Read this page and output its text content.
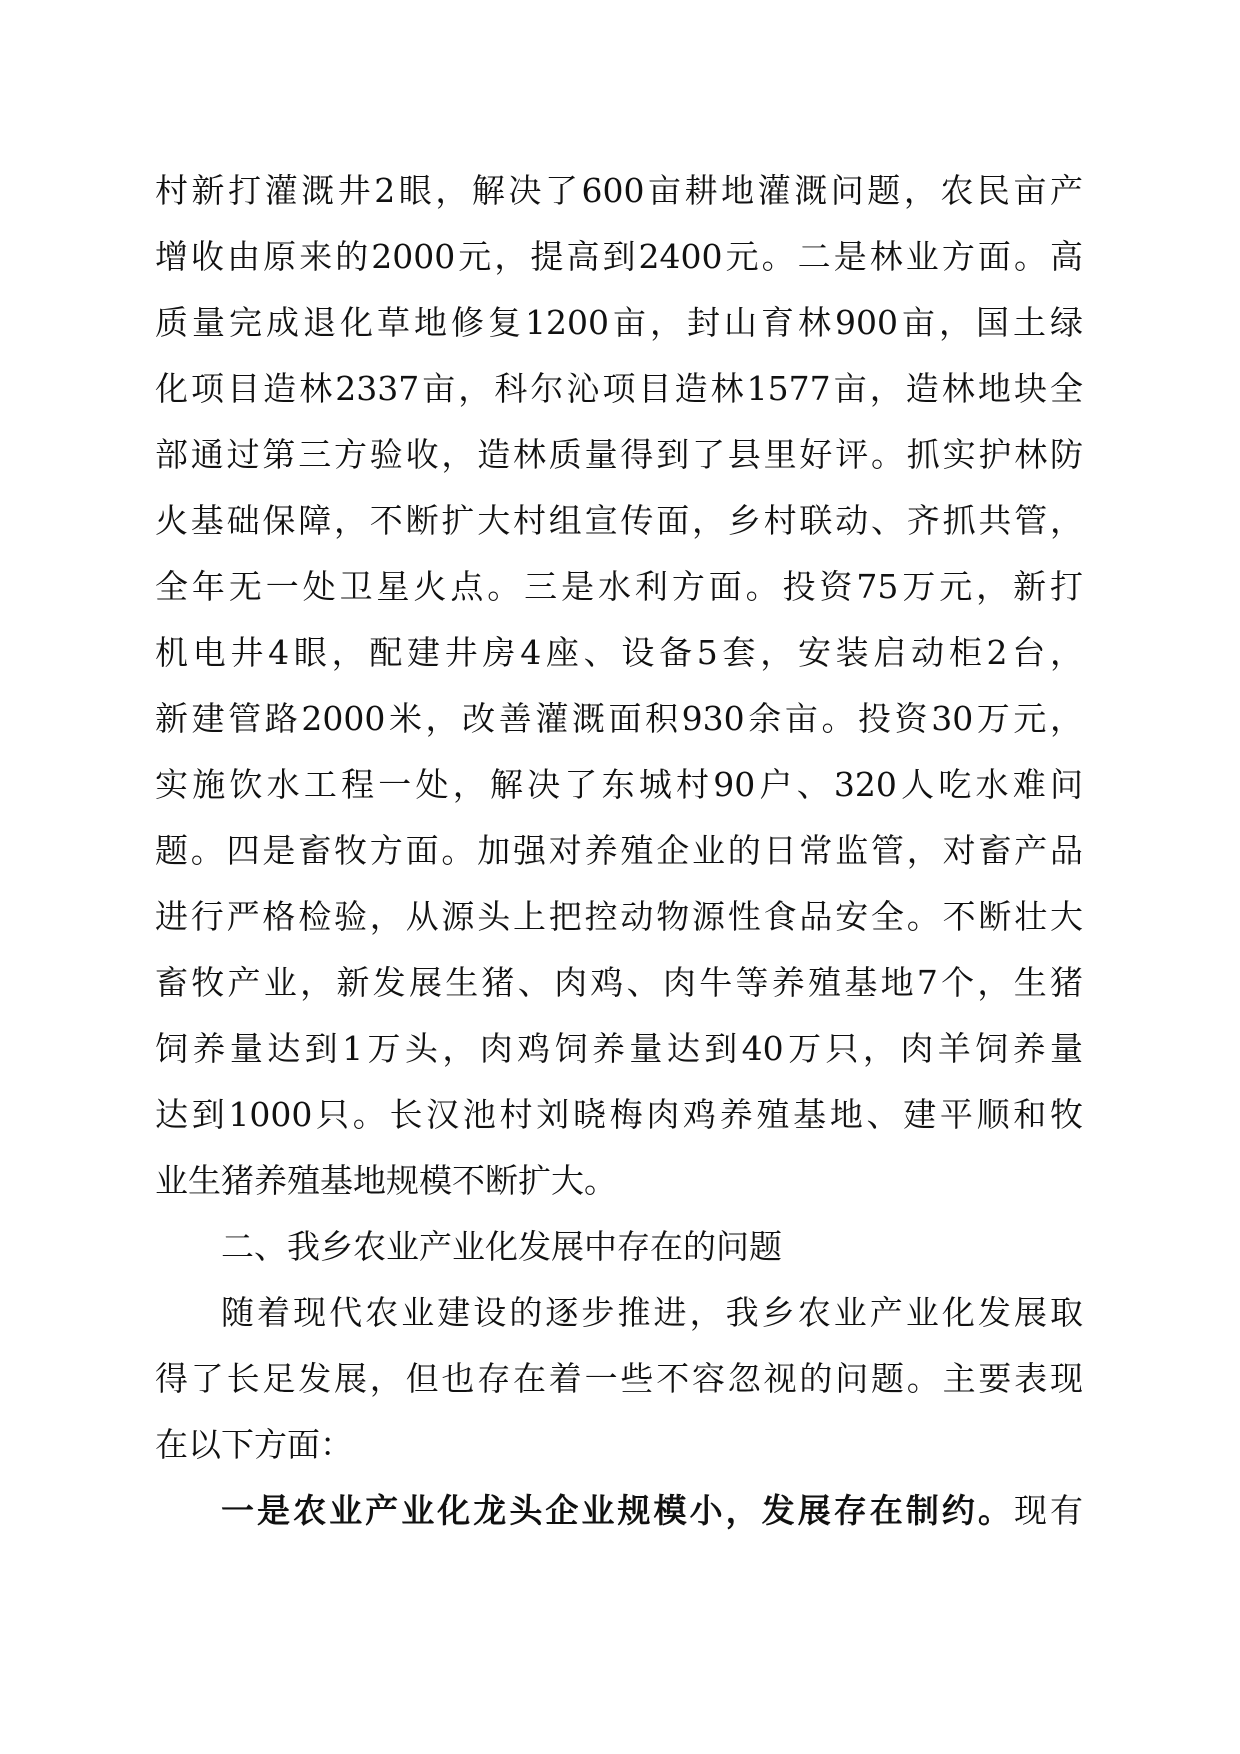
村新打灌溉井2眼，解决了600亩耕地灌溉问题，农民亩产
增收由原来的2000元，提高到2400元。二是林业方面。高
质量完成退化草地修复1200亩，封山育林900亩，国土绿
化项目造林2337亩，科尔沁项目造林1577亩，造林地块全
部通过第三方验收，造林质量得到了县里好评。抓实护林防
火基础保障，不断扩大村组宣传面，乡村联动、齐抓共管，
全年无一处卫星火点。三是水利方面。投资75万元，新打
机电井4眼，配建井房4座、设备5套，安装启动柜2台，
新建管路2000米，改善灌溉面积930余亩。投资30万元，
实施饮水工程一处，解决了东城村90户、320人吃水难问
题。四是畜牧方面。加强对养殖企业的日常监管，对畜产品
进行严格检验，从源头上把控动物源性食品安全。不断壮大
畜牧产业，新发展生猪、肉鸡、肉牛等养殖基地7个，生猪
饲养量达到1万头，肉鸡饲养量达到40万只，肉羊饲养量
达到1000只。长汉池村刘晓梅肉鸡养殖基地、建平顺和牧
业生猪养殖基地规模不断扩大。
二、我乡农业产业化发展中存在的问题
随着现代农业建设的逐步推进，我乡农业产业化发展取
得了长足发展，但也存在着一些不容忽视的问题。主要表现
在以下方面：
一是农业产业化龙头企业规模小，发展存在制约。现有
